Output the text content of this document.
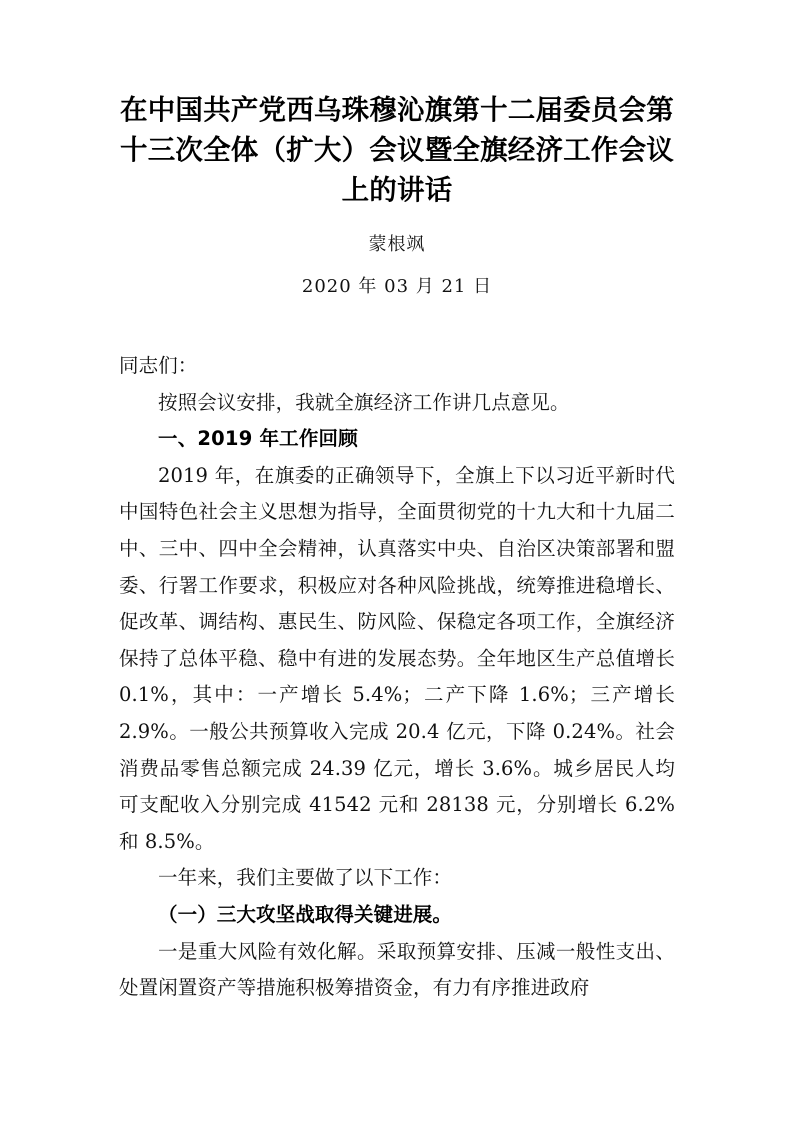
在中国共产党西乌珠穆沁旗第十二届委员会第十三次全体（扩大）会议暨全旗经济工作会议上的讲话

蒙根飒

2020 年 03 月 21 日

同志们：

按照会议安排，我就全旗经济工作讲几点意见。

一、2019 年工作回顾

2019 年，在旗委的正确领导下，全旗上下以习近平新时代中国特色社会主义思想为指导，全面贯彻党的十九大和十九届二中、三中、四中全会精神，认真落实中央、自治区决策部署和盟委、行署工作要求，积极应对各种风险挑战，统筹推进稳增长、促改革、调结构、惠民生、防风险、保稳定各项工作，全旗经济保持了总体平稳、稳中有进的发展态势。全年地区生产总值增长 0.1%，其中：一产增长 5.4%；二产下降 1.6%；三产增长 2.9%。一般公共预算收入完成 20.4 亿元，下降 0.24%。社会消费品零售总额完成 24.39 亿元，增长 3.6%。城乡居民人均可支配收入分别完成 41542 元和 28138 元，分别增长 6.2%和 8.5%。

一年来，我们主要做了以下工作：

（一）三大攻坚战取得关键进展。

一是重大风险有效化解。采取预算安排、压减一般性支出、处置闲置资产等措施积极筹措资金，有力有序推进政府
